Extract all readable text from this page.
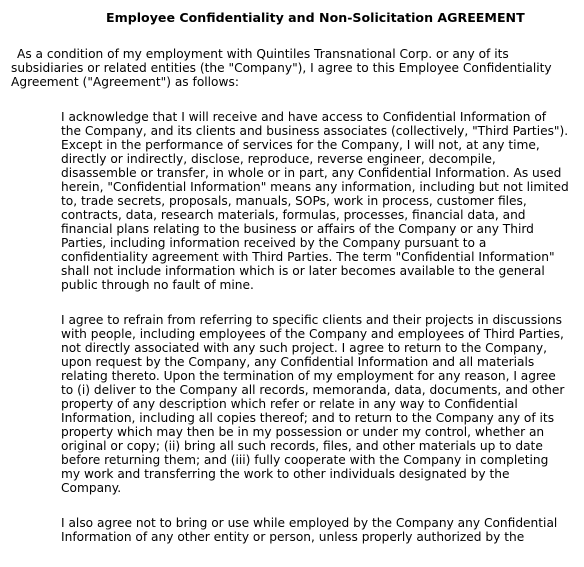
Employee Confidentiality and Non-Solicitation AGREEMENT
As a condition of my employment with Quintiles Transnational Corp. or any of its
subsidiaries or related entities (the "Company"), I agree to this Employee Confidentiality
Agreement ("Agreement") as follows:
I acknowledge that I will receive and have access to Confidential Information of
the Company, and its clients and business associates (collectively, "Third Parties").
Except in the performance of services for the Company, I will not, at any time,
directly or indirectly, disclose, reproduce, reverse engineer, decompile,
disassemble or transfer, in whole or in part, any Confidential Information. As used
herein, "Confidential Information" means any information, including but not limited
to, trade secrets, proposals, manuals, SOPs, work in process, customer files,
contracts, data, research materials, formulas, processes, financial data, and
financial plans relating to the business or affairs of the Company or any Third
Parties, including information received by the Company pursuant to a
confidentiality agreement with Third Parties. The term "Confidential Information"
shall not include information which is or later becomes available to the general
public through no fault of mine.
I agree to refrain from referring to specific clients and their projects in discussions
with people, including employees of the Company and employees of Third Parties,
not directly associated with any such project. I agree to return to the Company,
upon request by the Company, any Confidential Information and all materials
relating thereto. Upon the termination of my employment for any reason, I agree
to (i) deliver to the Company all records, memoranda, data, documents, and other
property of any description which refer or relate in any way to Confidential
Information, including all copies thereof; and to return to the Company any of its
property which may then be in my possession or under my control, whether an
original or copy; (ii) bring all such records, files, and other materials up to date
before returning them; and (iii) fully cooperate with the Company in completing
my work and transferring the work to other individuals designated by the
Company.
I also agree not to bring or use while employed by the Company any Confidential
Information of any other entity or person, unless properly authorized by the
